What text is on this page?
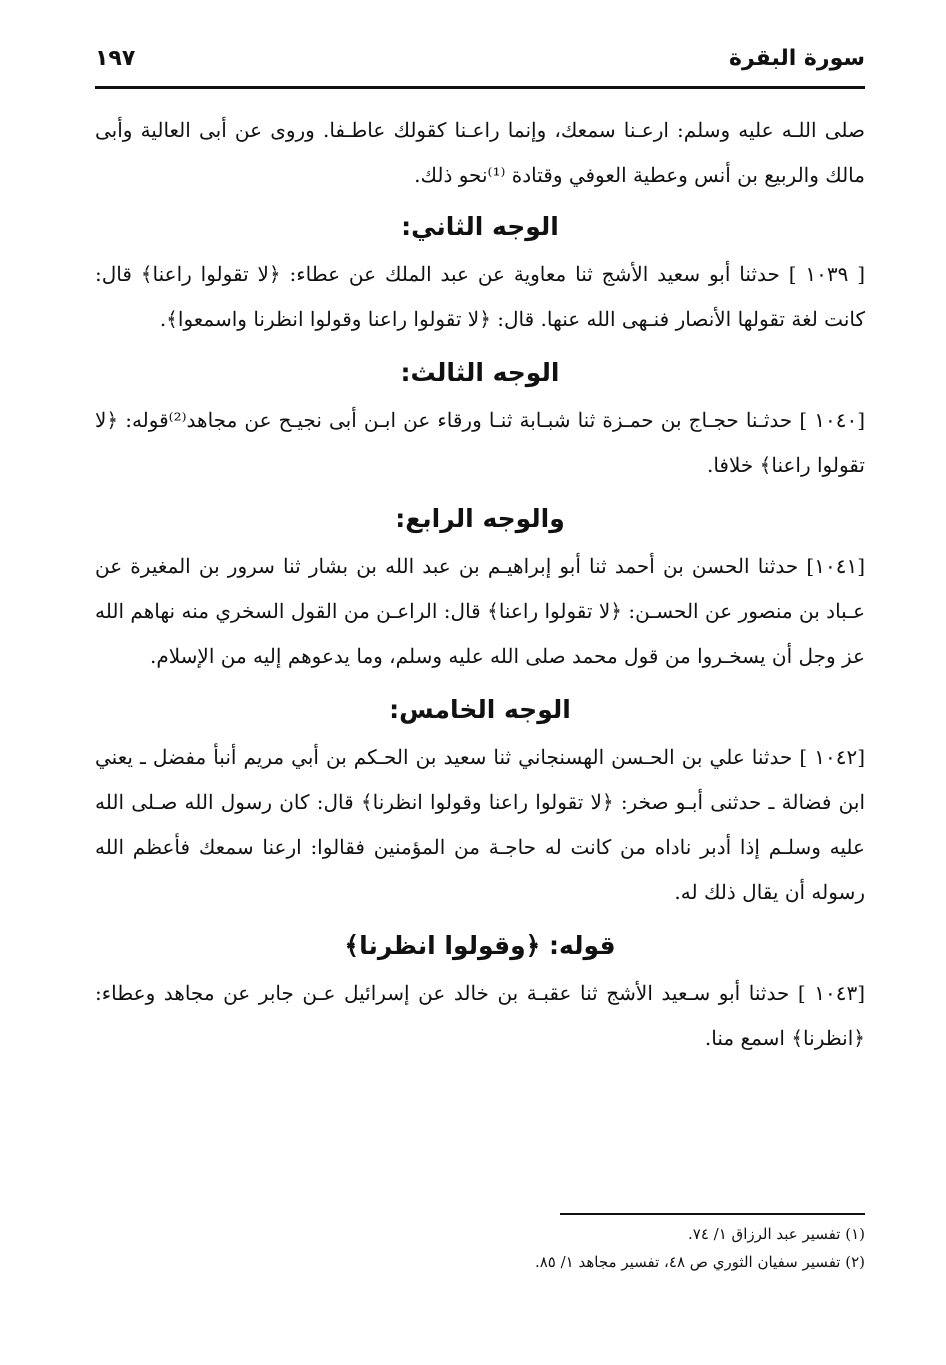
سورة البقرة
١٩٧

صلى اللـه عليه وسلم: ارعـنا سمعك، وإنما راعـنا كقولك عاطـفا. وروى عن أبى العالية وأبى مالك والربيع بن أنس وعطية العوفي وقتادة ⁽¹⁾نحو ذلك.

الوجه الثاني:

[ ١٠٣٩ ] حدثنا أبو سعيد الأشج ثنا معاوية عن عبد الملك عن عطاء: ﴿لا تقولوا راعنا﴾ قال: كانت لغة تقولها الأنصار فنـهى الله عنها. قال: ﴿لا تقولوا راعنا وقولوا انظرنا واسمعوا﴾.

الوجه الثالث:

[١٠٤٠ ] حدثـنا حجـاج بن حمـزة ثنا شبـابة ثنـا ورقاء عن ابـن أبى نجيـح عن مجاهد⁽²⁾قوله: ﴿لا تقولوا راعنا﴾ خلافا.

والوجه الرابع:

[١٠٤١] حدثنا الحسن بن أحمد ثنا أبو إبراهيـم بن عبد الله بن بشار ثنا سرور بن المغيرة عن عـباد بن منصور عن الحسـن: ﴿لا تقولوا راعنا﴾ قال: الراعـن من القول السخري منه نهاهم الله عز وجل أن يسخـروا من قول محمد صلى الله عليه وسلم، وما يدعوهم إليه من الإسلام.

الوجه الخامس:

[١٠٤٢ ] حدثنا علي بن الحـسن الهسنجاني ثنا سعيد بن الحـكم بن أبي مريم أنبأ مفضل ـ يعني ابن فضالة ـ حدثنى أبـو صخر: ﴿لا تقولوا راعنا وقولوا انظرنا﴾ قال: كان رسول الله صـلى الله عليه وسلـم إذا أدبر ناداه من كانت له حاجـة من المؤمنين فقالوا: ارعنا سمعك فأعظم الله رسوله أن يقال ذلك له.

قوله: ﴿وقولوا انظرنا﴾

[١٠٤٣ ] حدثنا أبو سـعيد الأشج ثنا عقبـة بن خالد عن إسرائيل عـن جابر عن مجاهد وعطاء: ﴿انظرنا﴾ اسمع منا.

(١) تفسير عبد الرزاق ١/ ٧٤.
(٢) تفسير سفيان الثوري ص ٤٨، تفسير مجاهد ١/ ٨٥.
